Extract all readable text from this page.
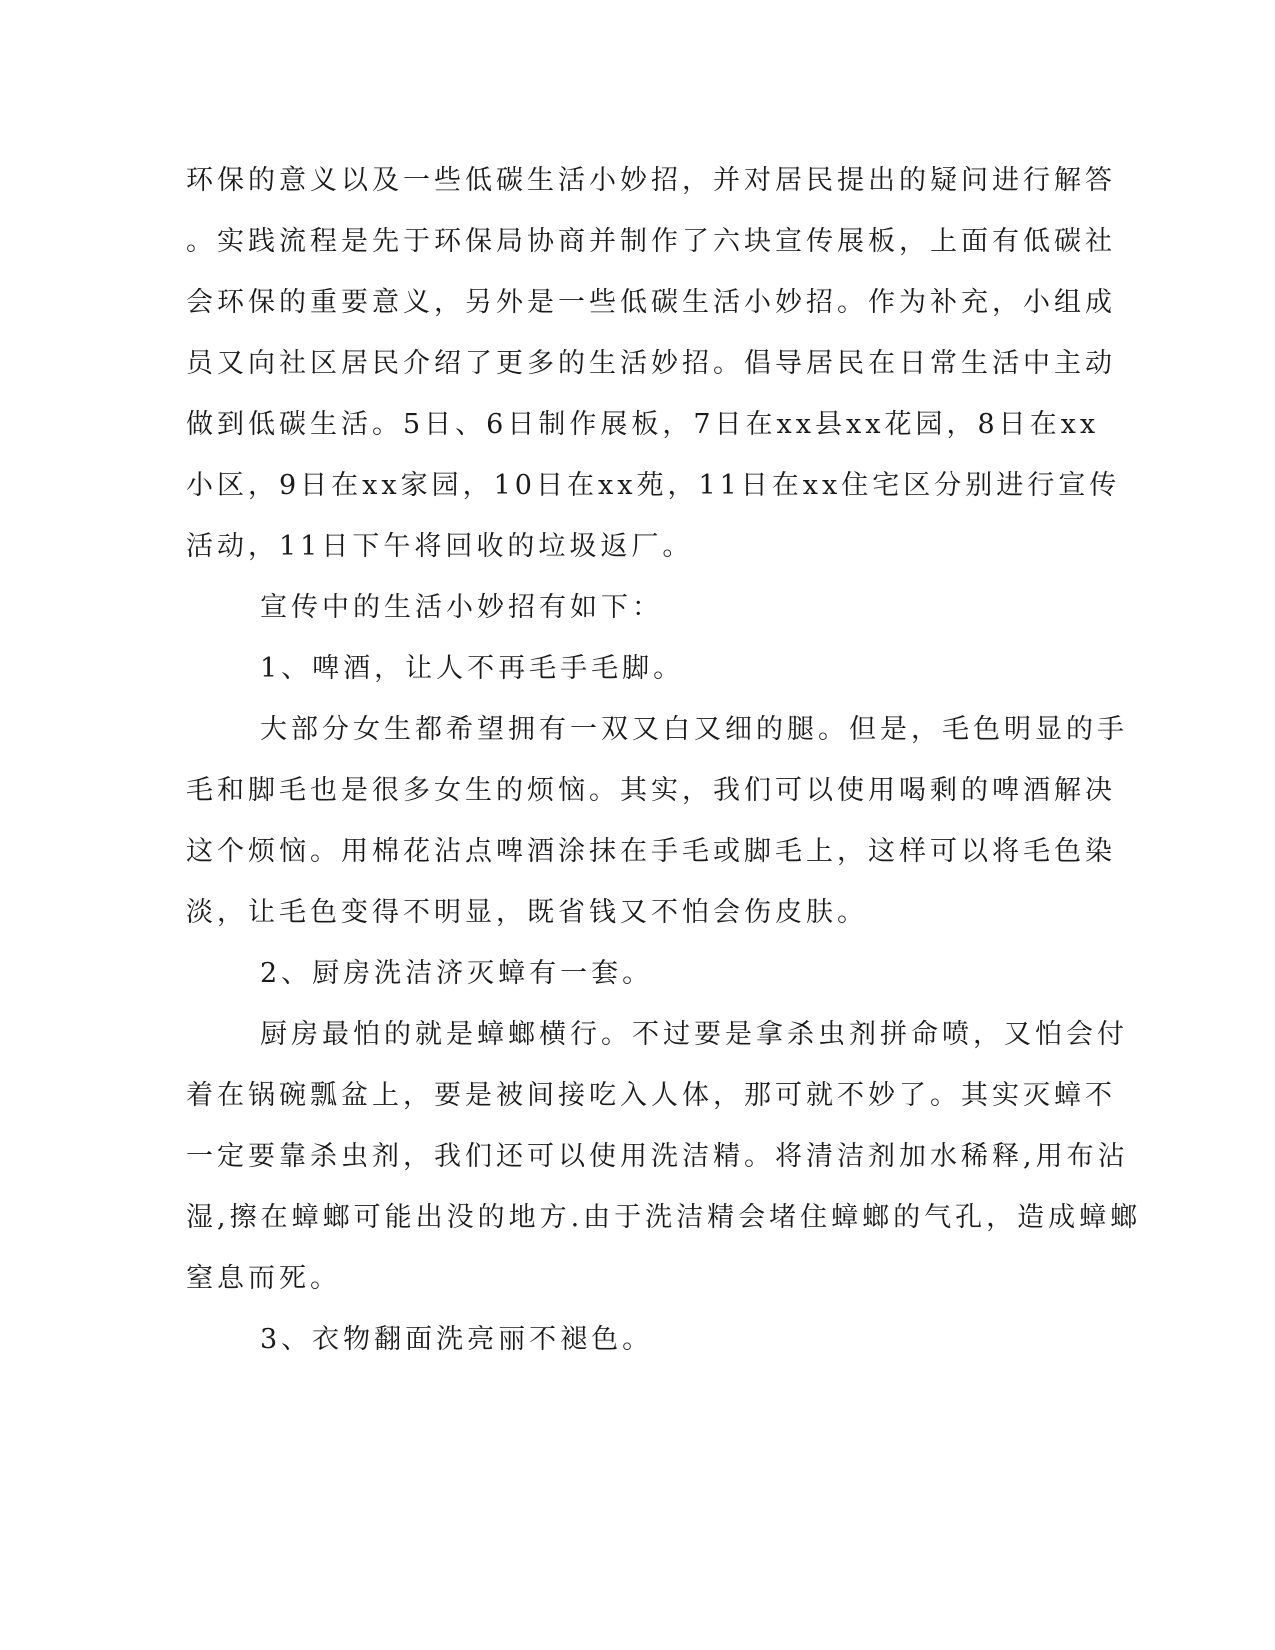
环保的意义以及一些低碳生活小妙招，并对居民提出的疑问进行解答
。实践流程是先于环保局协商并制作了六块宣传展板，上面有低碳社
会环保的重要意义，另外是一些低碳生活小妙招。作为补充，小组成
员又向社区居民介绍了更多的生活妙招。倡导居民在日常生活中主动
做到低碳生活。5日、6日制作展板，7日在xx县xx花园，8日在xx
小区，9日在xx家园，10日在xx苑，11日在xx住宅区分别进行宣传
活动，11日下午将回收的垃圾返厂。
宣传中的生活小妙招有如下：
1、啤酒，让人不再毛手毛脚。
大部分女生都希望拥有一双又白又细的腿。但是，毛色明显的手
毛和脚毛也是很多女生的烦恼。其实，我们可以使用喝剩的啤酒解决
这个烦恼。用棉花沾点啤酒涂抹在手毛或脚毛上，这样可以将毛色染
淡，让毛色变得不明显，既省钱又不怕会伤皮肤。
2、厨房洗洁济灭蟑有一套。
厨房最怕的就是蟑螂横行。不过要是拿杀虫剂拼命喷，又怕会付
着在锅碗瓢盆上，要是被间接吃入人体，那可就不妙了。其实灭蟑不
一定要靠杀虫剂，我们还可以使用洗洁精。将清洁剂加水稀释,用布沾
湿,擦在蟑螂可能出没的地方.由于洗洁精会堵住蟑螂的气孔，造成蟑螂
窒息而死。
3、衣物翻面洗亮丽不褪色。
